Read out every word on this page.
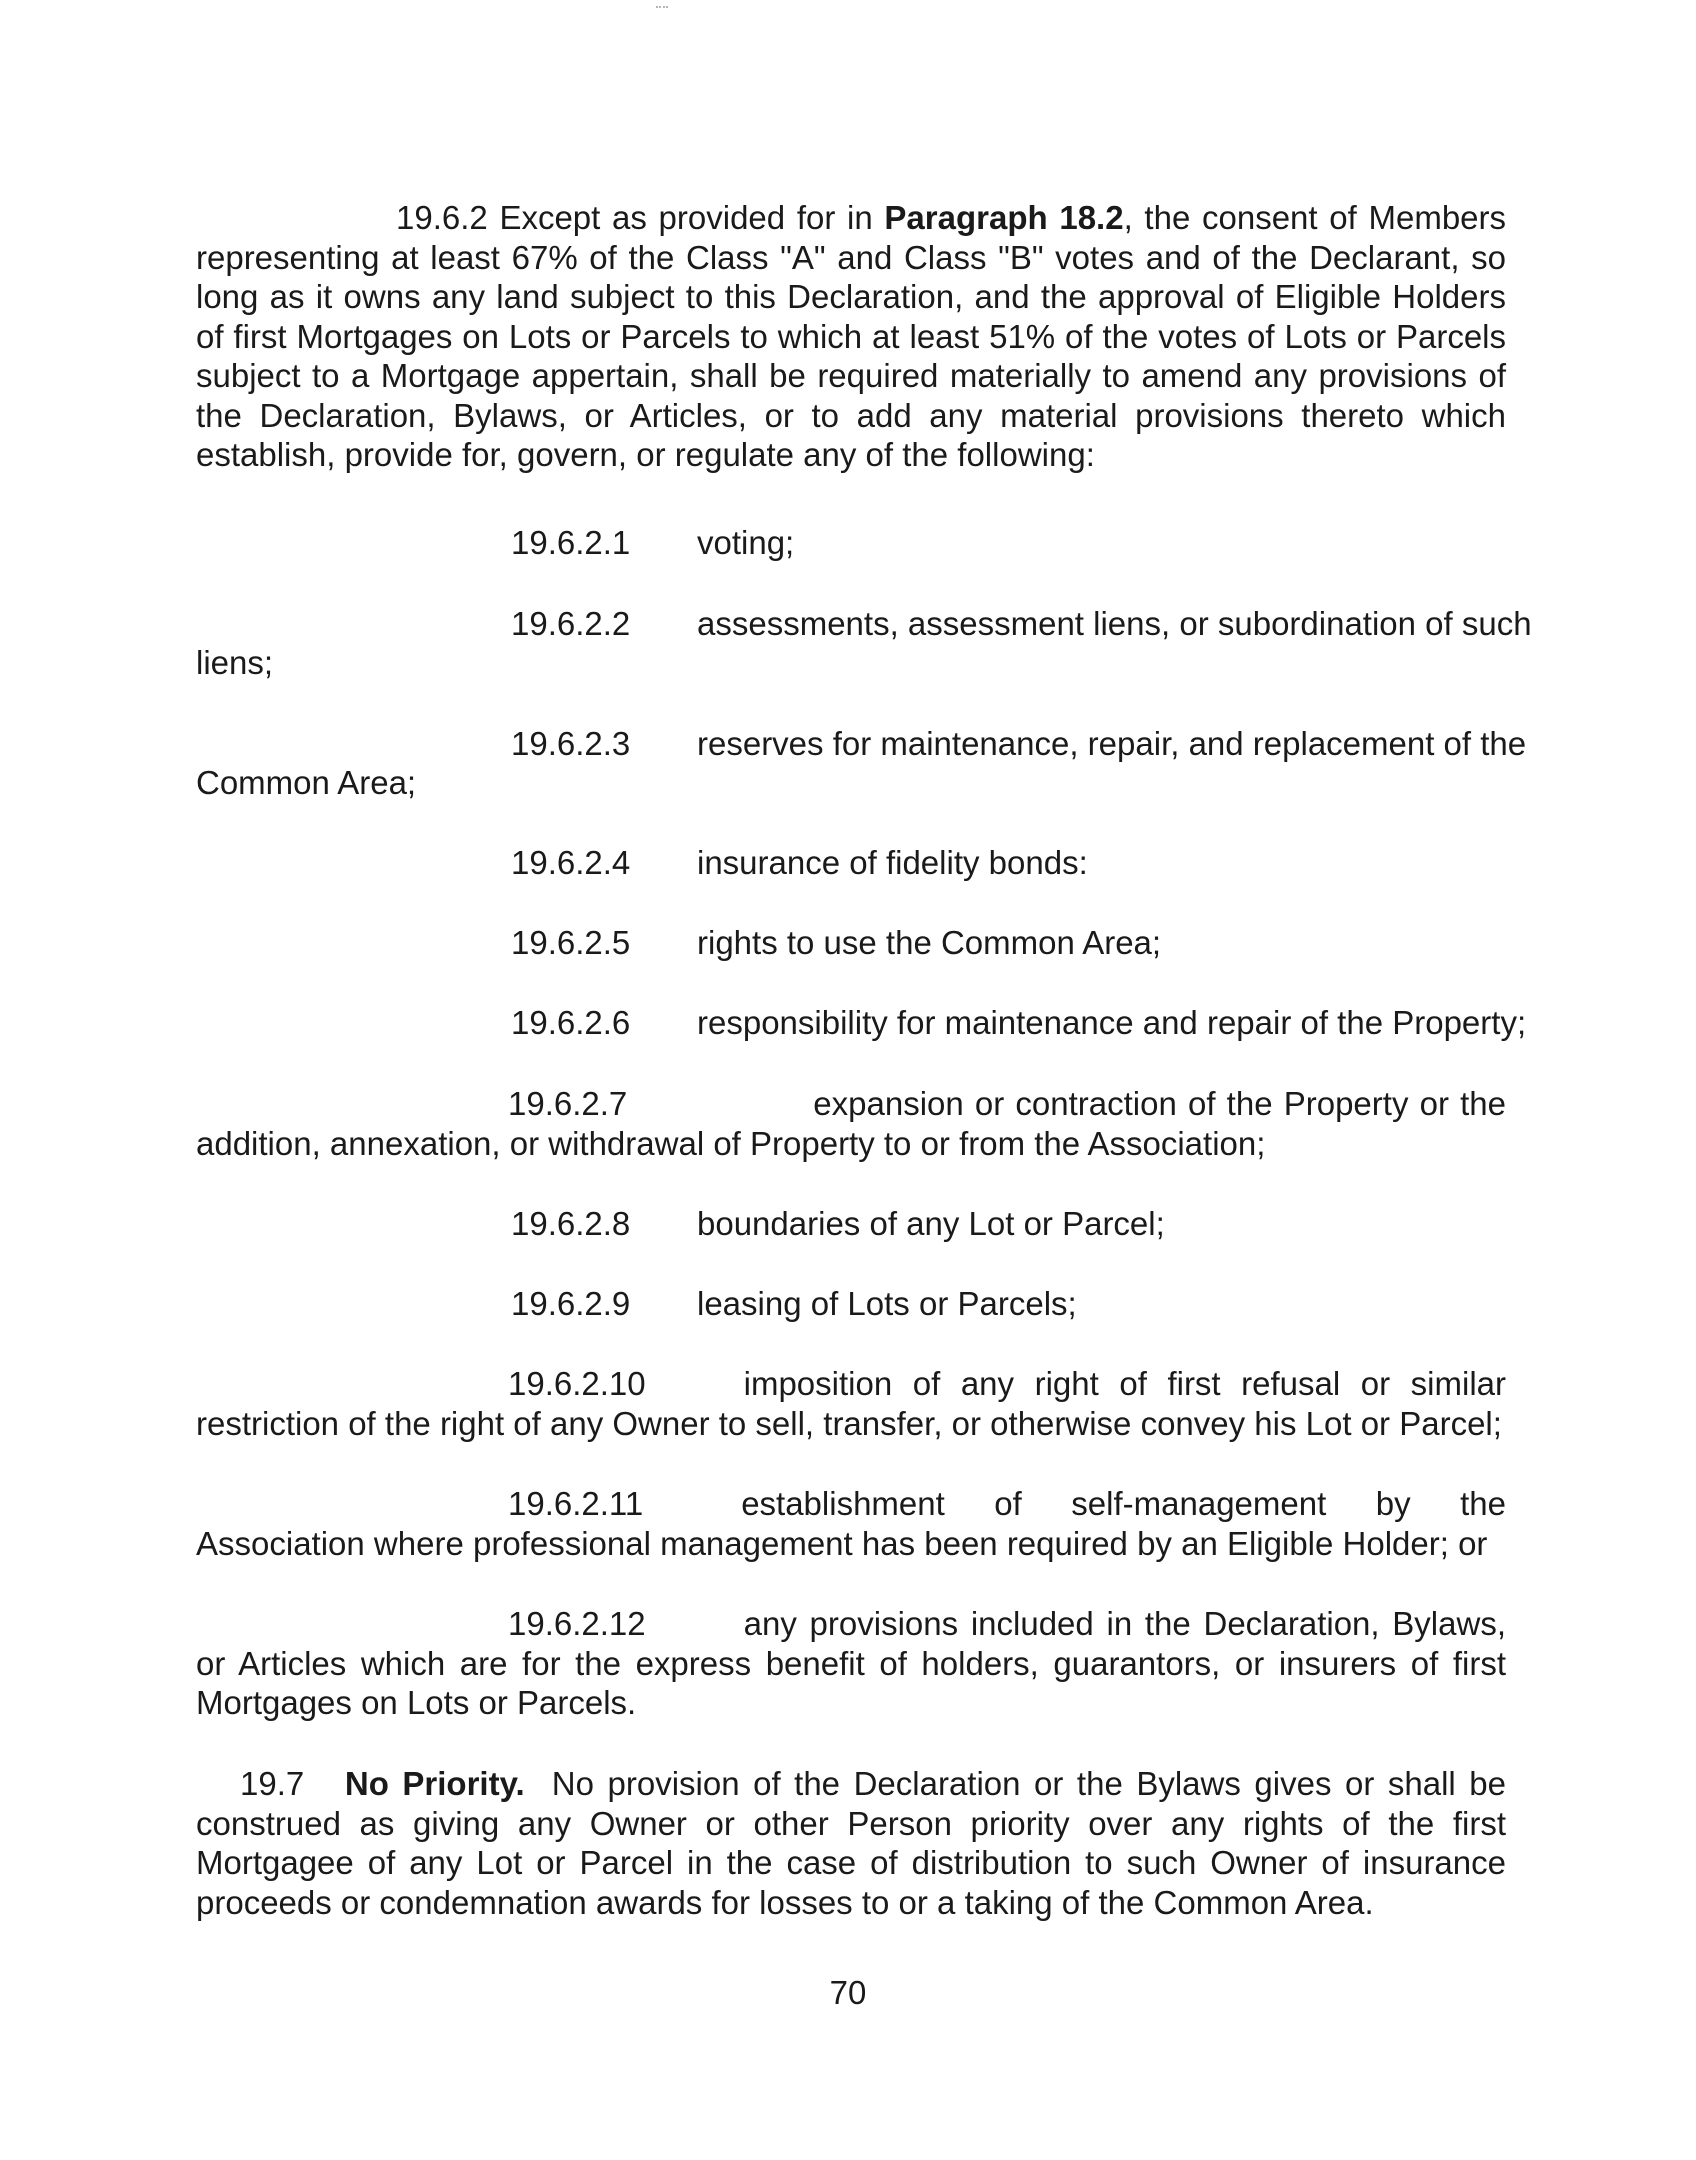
19.6.2 Except as provided for in Paragraph 18.2, the consent of Members representing at least 67% of the Class "A" and Class "B" votes and of the Declarant, so long as it owns any land subject to this Declaration, and the approval of Eligible Holders of first Mortgages on Lots or Parcels to which at least 51% of the votes of Lots or Parcels subject to a Mortgage appertain, shall be required materially to amend any provisions of the Declaration, Bylaws, or Articles, or to add any material provisions thereto which establish, provide for, govern, or regulate any of the following:

19.6.2.1 voting;
19.6.2.2 assessments, assessment liens, or subordination of such
liens;
19.6.2.3 reserves for maintenance, repair, and replacement of the
Common Area;
19.6.2.4 insurance of fidelity bonds:
19.6.2.5 rights to use the Common Area;
19.6.2.6 responsibility for maintenance and repair of the Property;

19.6.2.7	expansion or contraction of the Property or the addition, annexation, or withdrawal of Property to or from the Association;

19.6.2.8 boundaries of any Lot or Parcel;
19.6.2.9 leasing of Lots or Parcels;

19.6.2.10	imposition of any right of first refusal or similar restriction of the right of any Owner to sell, transfer, or otherwise convey his Lot or Parcel;

19.6.2.11	establishment of self-management by the Association where professional management has been required by an Eligible Holder; or

19.6.2.12	any provisions included in the Declaration, Bylaws, or Articles which are for the express benefit of holders, guarantors, or insurers of first Mortgages on Lots or Parcels.

19.7 No Priority. No provision of the Declaration or the Bylaws gives or shall be construed as giving any Owner or other Person priority over any rights of the first Mortgagee of any Lot or Parcel in the case of distribution to such Owner of insurance proceeds or condemnation awards for losses to or a taking of the Common Area.

70
